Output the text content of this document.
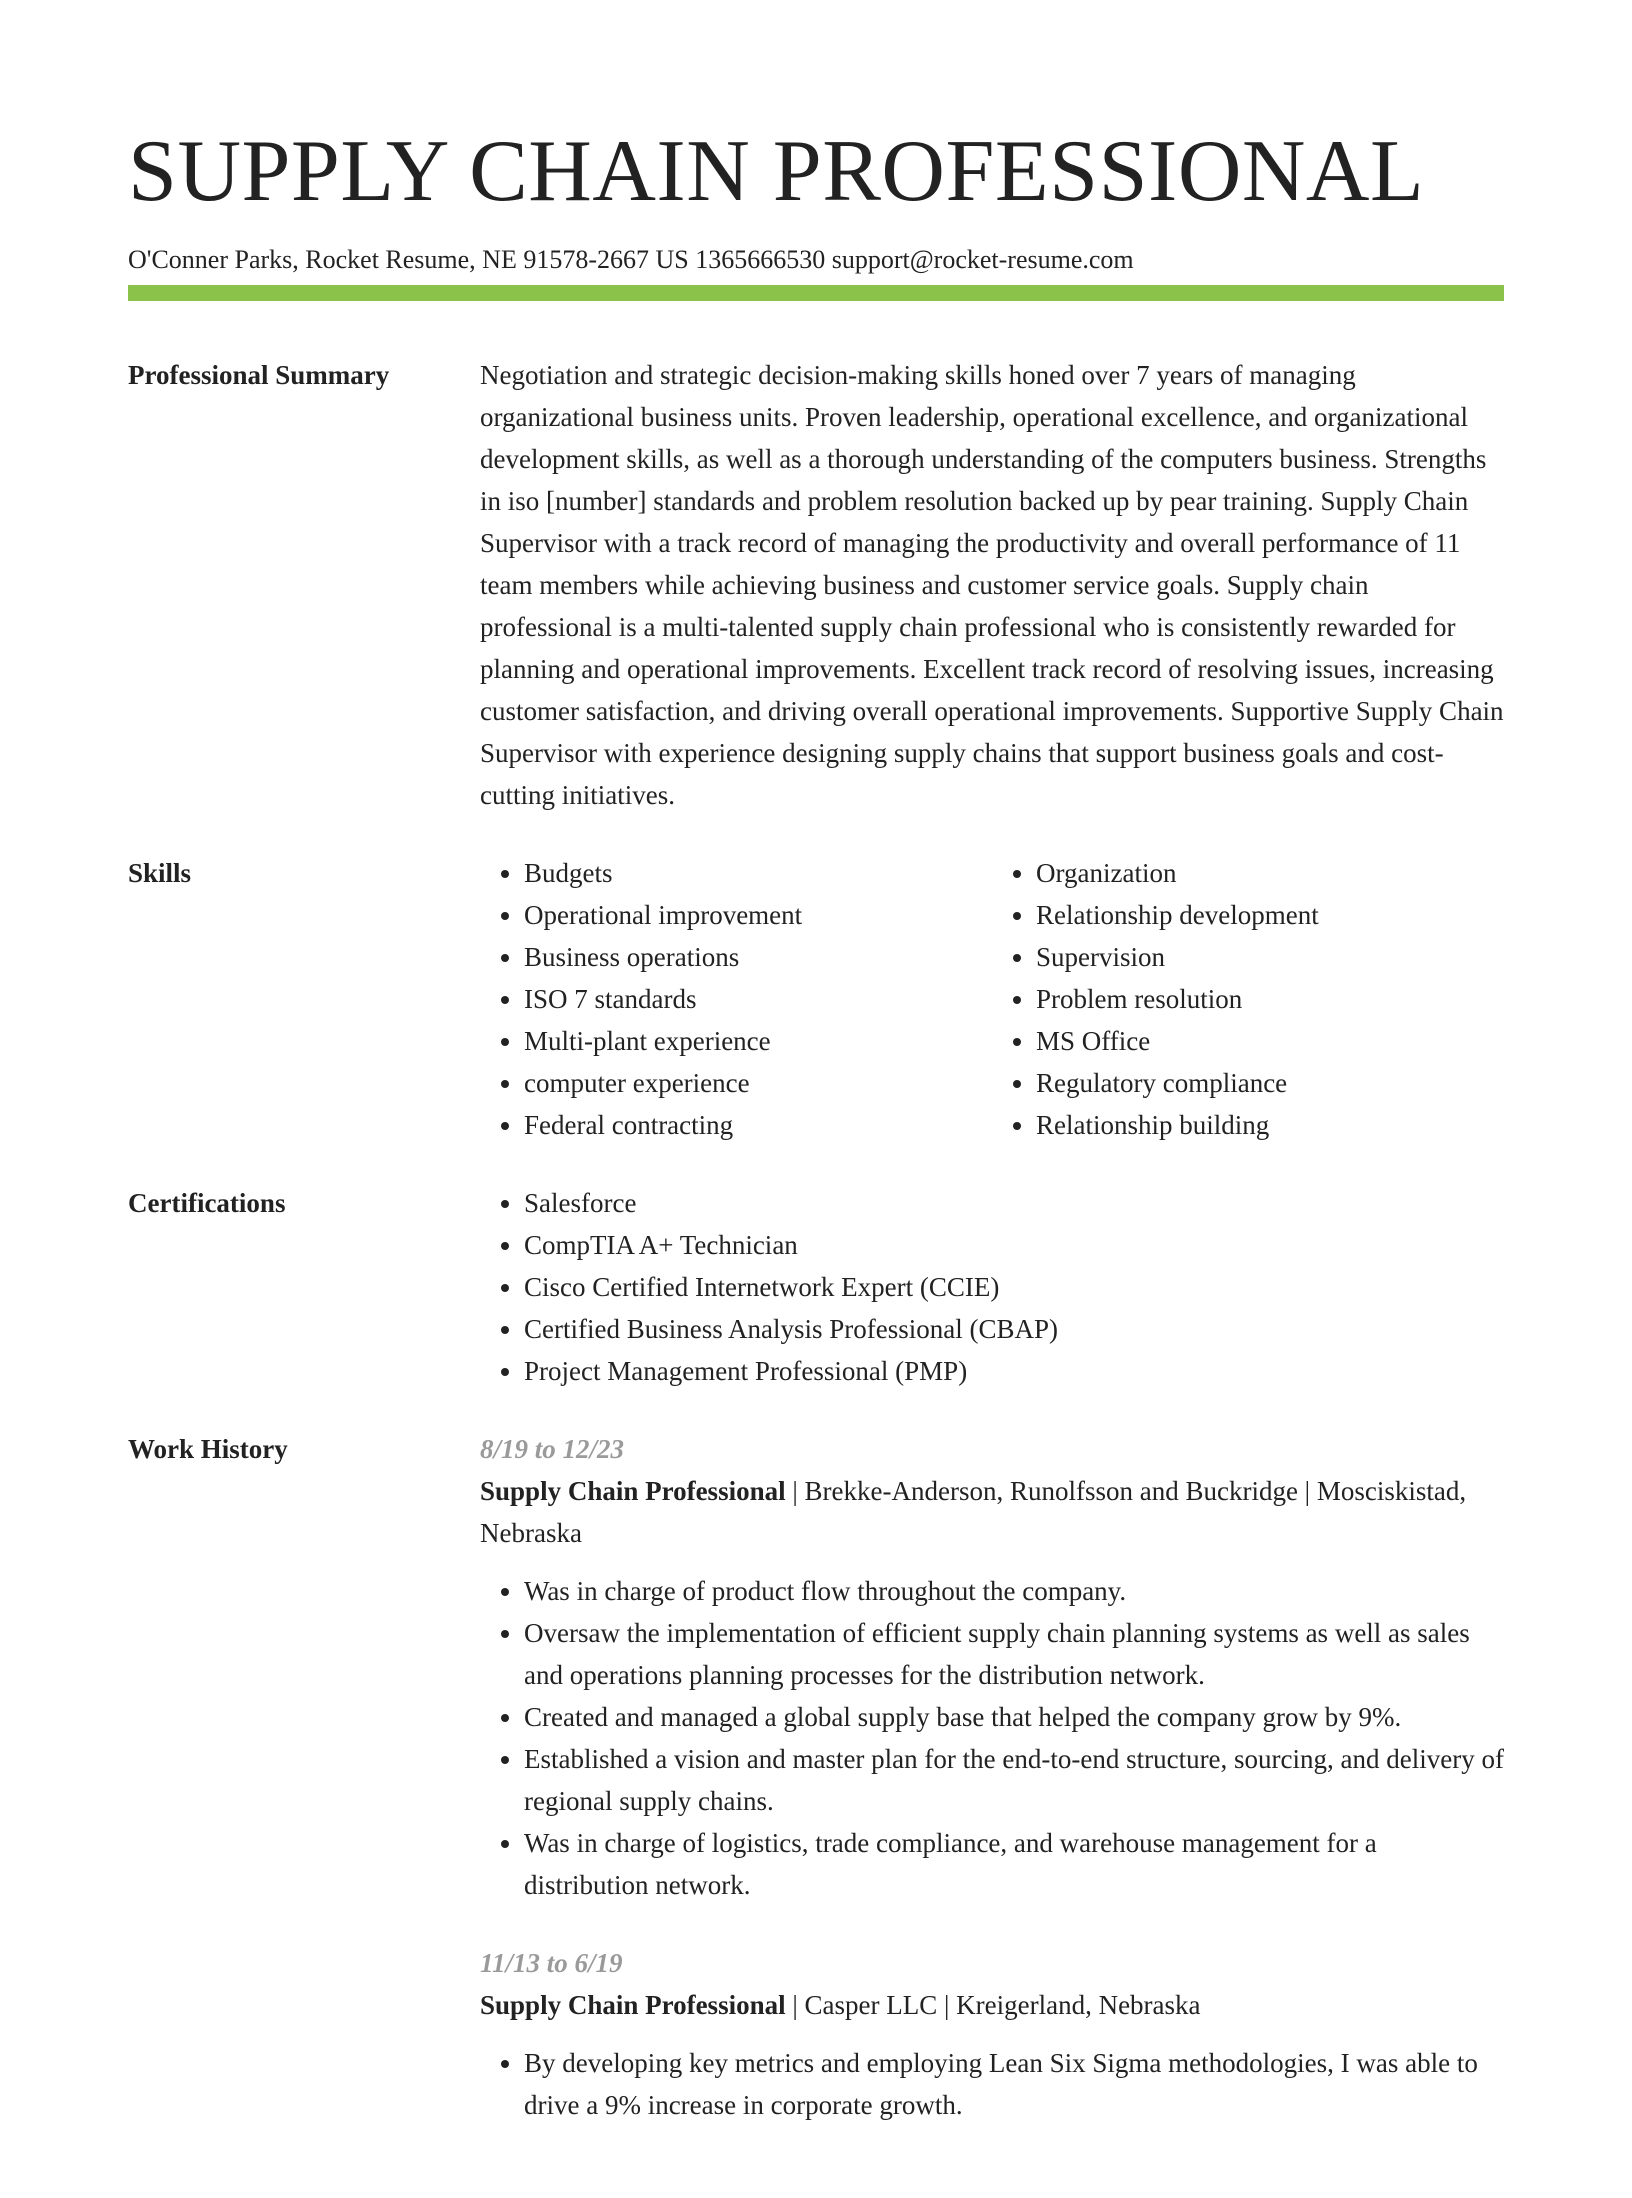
SUPPLY CHAIN PROFESSIONAL
O'Conner Parks, Rocket Resume, NE 91578-2667 US 1365666530 support@rocket-resume.com
Professional Summary	Negotiation and strategic decision-making skills honed over 7 years of managing organizational business units. Proven leadership, operational excellence, and organizational development skills, as well as a thorough understanding of the computers business. Strengths in iso [number] standards and problem resolution backed up by pear training. Supply Chain Supervisor with a track record of managing the productivity and overall performance of 11 team members while achieving business and customer service goals. Supply chain professional is a multi-talented supply chain professional who is consistently rewarded for planning and operational improvements. Excellent track record of resolving issues, increasing customer satisfaction, and driving overall operational improvements. Supportive Supply Chain Supervisor with experience designing supply chains that support business goals and cost-cutting initiatives.

Skills	• Budgets
• Operational improvement
• Business operations
• ISO 7 standards
• Multi-plant experience
• computer experience
• Federal contracting
• Organization
• Relationship development
• Supervision
• Problem resolution
• MS Office
• Regulatory compliance
• Relationship building
Certifications	• Salesforce
• CompTIA A+ Technician
• Cisco Certified Internetwork Expert (CCIE)
• Certified Business Analysis Professional (CBAP)
• Project Management Professional (PMP)
Work History	8/19 to 12/23
Supply Chain Professional | Brekke-Anderson, Runolfsson and Buckridge | Mosciskistad, Nebraska
• Was in charge of product flow throughout the company.
• Oversaw the implementation of efficient supply chain planning systems as well as sales and operations planning processes for the distribution network.
• Created and managed a global supply base that helped the company grow by 9%.
• Established a vision and master plan for the end-to-end structure, sourcing, and delivery of regional supply chains.
• Was in charge of logistics, trade compliance, and warehouse management for a distribution network.
11/13 to 6/19
Supply Chain Professional | Casper LLC | Kreigerland, Nebraska
• By developing key metrics and employing Lean Six Sigma methodologies, I was able to drive a 9% increase in corporate growth.
